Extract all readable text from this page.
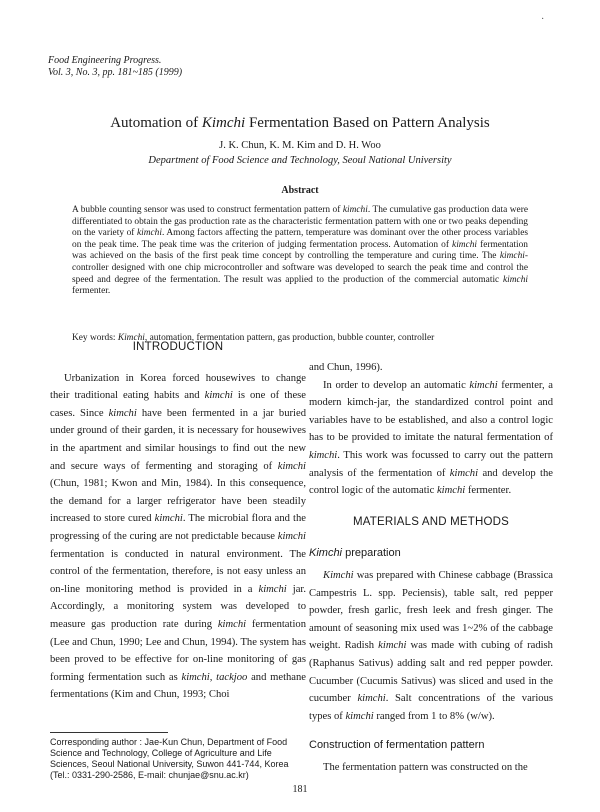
·
Food Engineering Progress.
Vol. 3, No. 3, pp. 181~185 (1999)
Automation of Kimchi Fermentation Based on Pattern Analysis
J. K. Chun, K. M. Kim and D. H. Woo
Department of Food Science and Technology, Seoul National University
Abstract
A bubble counting sensor was used to construct fermentation pattern of kimchi. The cumulative gas production data were differentiated to obtain the gas production rate as the characteristic fermentation pattern with one or two peaks depending on the variety of kimchi. Among factors affecting the pattern, temperature was dominant over the other process variables on the peak time. The peak time was the criterion of judging fermentation process. Automation of kimchi fermentation was achieved on the basis of the first peak time concept by controlling the temperature and curing time. The kimchi-controller designed with one chip microcontroller and software was developed to search the peak time and control the speed and degree of the fermentation. The result was applied to the production of the commercial automatic kimchi fermenter.
Key words: Kimchi, automation, fermentation pattern, gas production, bubble counter, controller
INTRODUCTION

Urbanization in Korea forced housewives to change their traditional eating habits and kimchi is one of these cases. Since kimchi have been fermented in a jar buried under ground of their garden, it is necessary for housewives in the apartment and similar housings to find out the new and secure ways of fermenting and storaging of kimchi (Chun, 1981; Kwon and Min, 1984). In this consequence, the demand for a larger refrigerator have been steadily increased to store cured kimchi. The microbial flora and the progressing of the curing are not predictable because kimchi fermentation is conducted in natural environment. The control of the fermentation, therefore, is not easy unless an on-line monitoring method is provided in a kimchi jar. Accordingly, a monitoring system was developed to measure gas production rate during kimchi fermentation (Lee and Chun, 1990; Lee and Chun, 1994). The system has been proved to be effective for on-line monitoring of gas forming fermentation such as kimchi, tackjoo and methane fermentations (Kim and Chun, 1993; Choi

and Chun, 1996).

In order to develop an automatic kimchi fermenter, a modern kimch-jar, the standardized control point and variables have to be established, and also a control logic has to be provided to imitate the natural fermentation of kimchi. This work was focussed to carry out the pattern analysis of the fermentation of kimchi and develop the control logic of the automatic kimchi fermenter.

MATERIALS AND METHODS
Kimchi preparation

Kimchi was prepared with Chinese cabbage (Brassica Campestris L. spp. Peciensis), table salt, red pepper powder, fresh garlic, fresh leek and fresh ginger. The amount of seasoning mix used was 1~2% of the cabbage weight. Radish kimchi was made with cubing of radish (Raphanus Sativus) adding salt and red pepper powder. Cucumber (Cucumis Sativus) was sliced and used in the cucumber kimchi. Salt concentrations of the various types of kimchi ranged from 1 to 8% (w/w).

Construction of fermentation pattern

The fermentation pattern was constructed on the

Corresponding author : Jae-Kun Chun, Department of Food Science and Technology, College of Agriculture and Life Sciences, Seoul National University, Suwon 441-744, Korea (Tel.: 0331-290-2586, E-mail: chunjae@snu.ac.kr)
181
